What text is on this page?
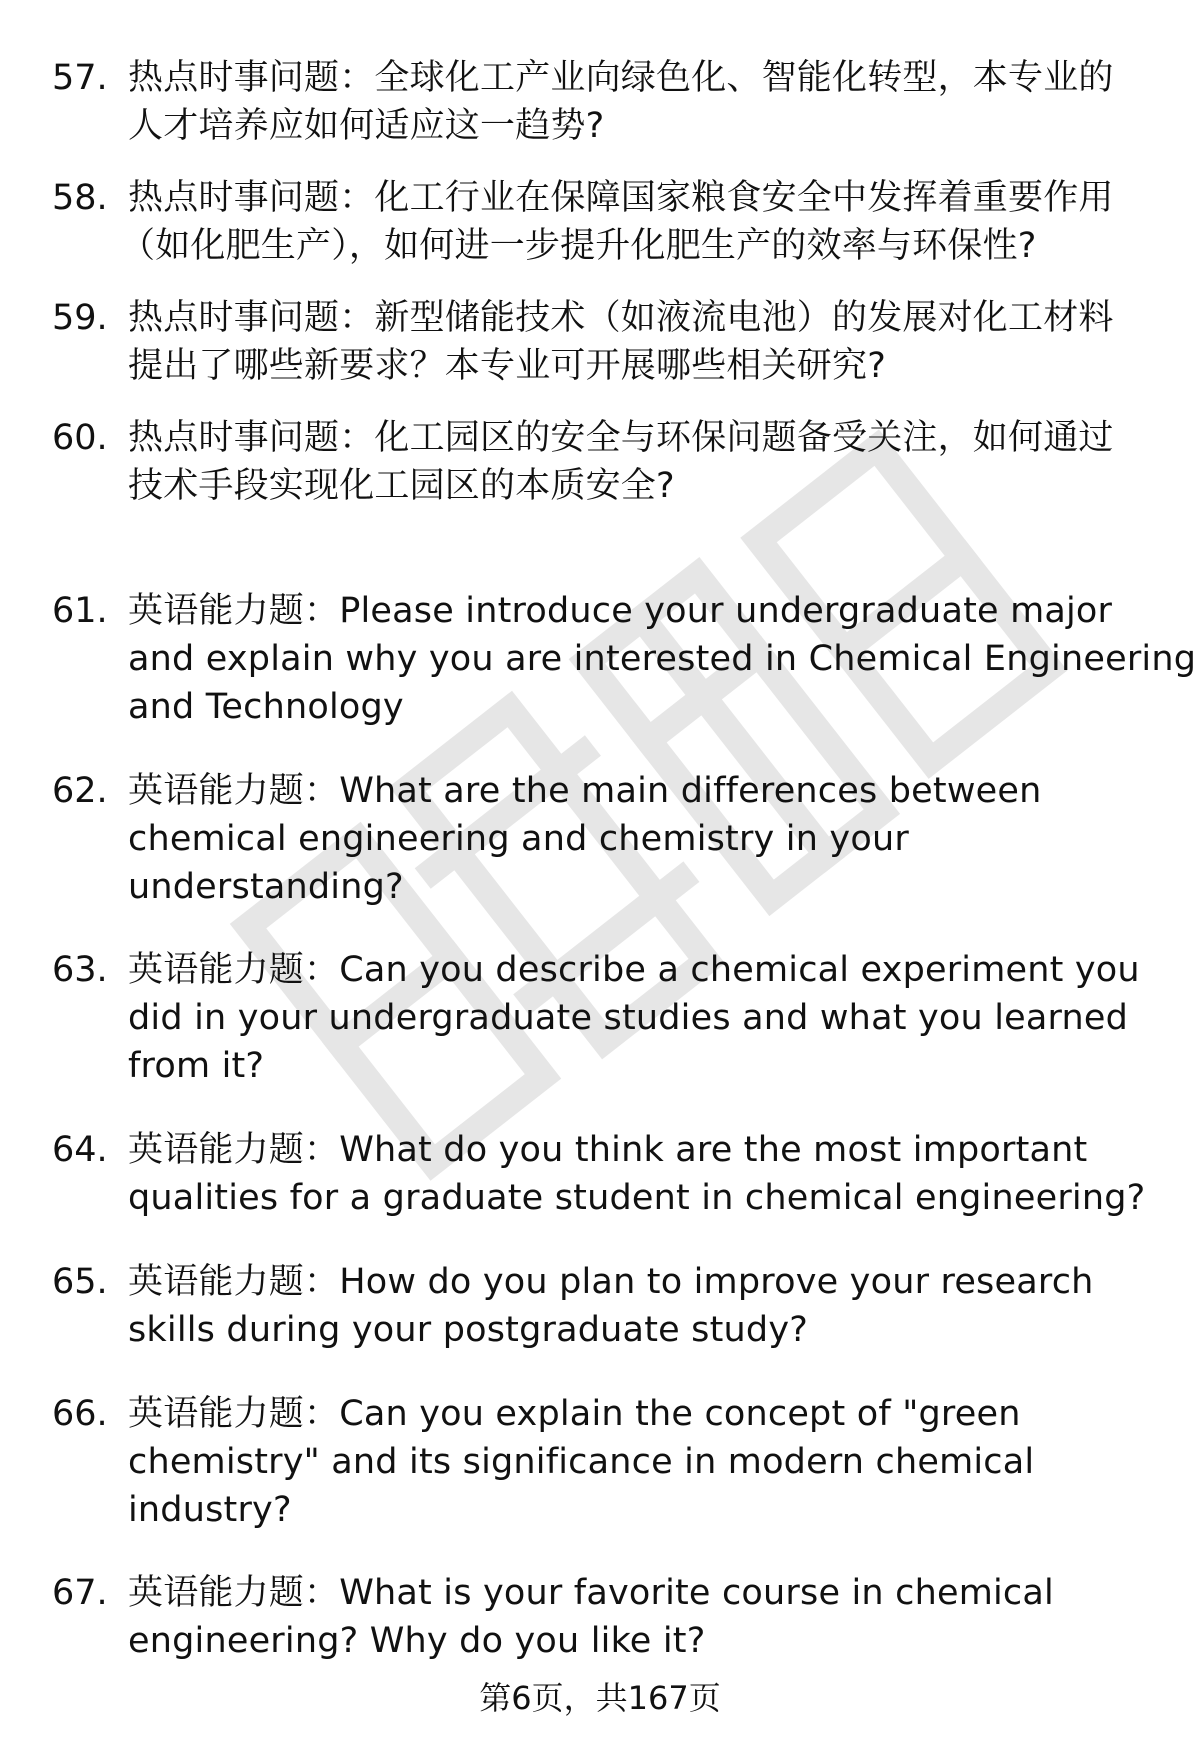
57. 热点时事问题：全球化工产业向绿色化、智能化转型，本专业的
人才培养应如何适应这一趋势?
58. 热点时事问题：化工行业在保障国家粮食安全中发挥着重要作用
（如化肥生产），如何进一步提升化肥生产的效率与环保性?
59. 热点时事问题：新型储能技术（如液流电池）的发展对化工材料
提出了哪些新要求？本专业可开展哪些相关研究?
60. 热点时事问题：化工园区的安全与环保问题备受关注，如何通过
技术手段实现化工园区的本质安全?
61. 英语能力题：Please introduce your undergraduate major
and explain why you are interested in Chemical Engineering
and Technology
62. 英语能力题：What are the main differences between
chemical engineering and chemistry in your
understanding?
63. 英语能力题：Can you describe a chemical experiment you
did in your undergraduate studies and what you learned
from it?
64. 英语能力题：What do you think are the most important
qualities for a graduate student in chemical engineering?
65. 英语能力题：How do you plan to improve your research
skills during your postgraduate study?
66. 英语能力题：Can you explain the concept of "green
chemistry" and its significance in modern chemical
industry?
67. 英语能力题：What is your favorite course in chemical
engineering? Why do you like it?
第6页，共167页
